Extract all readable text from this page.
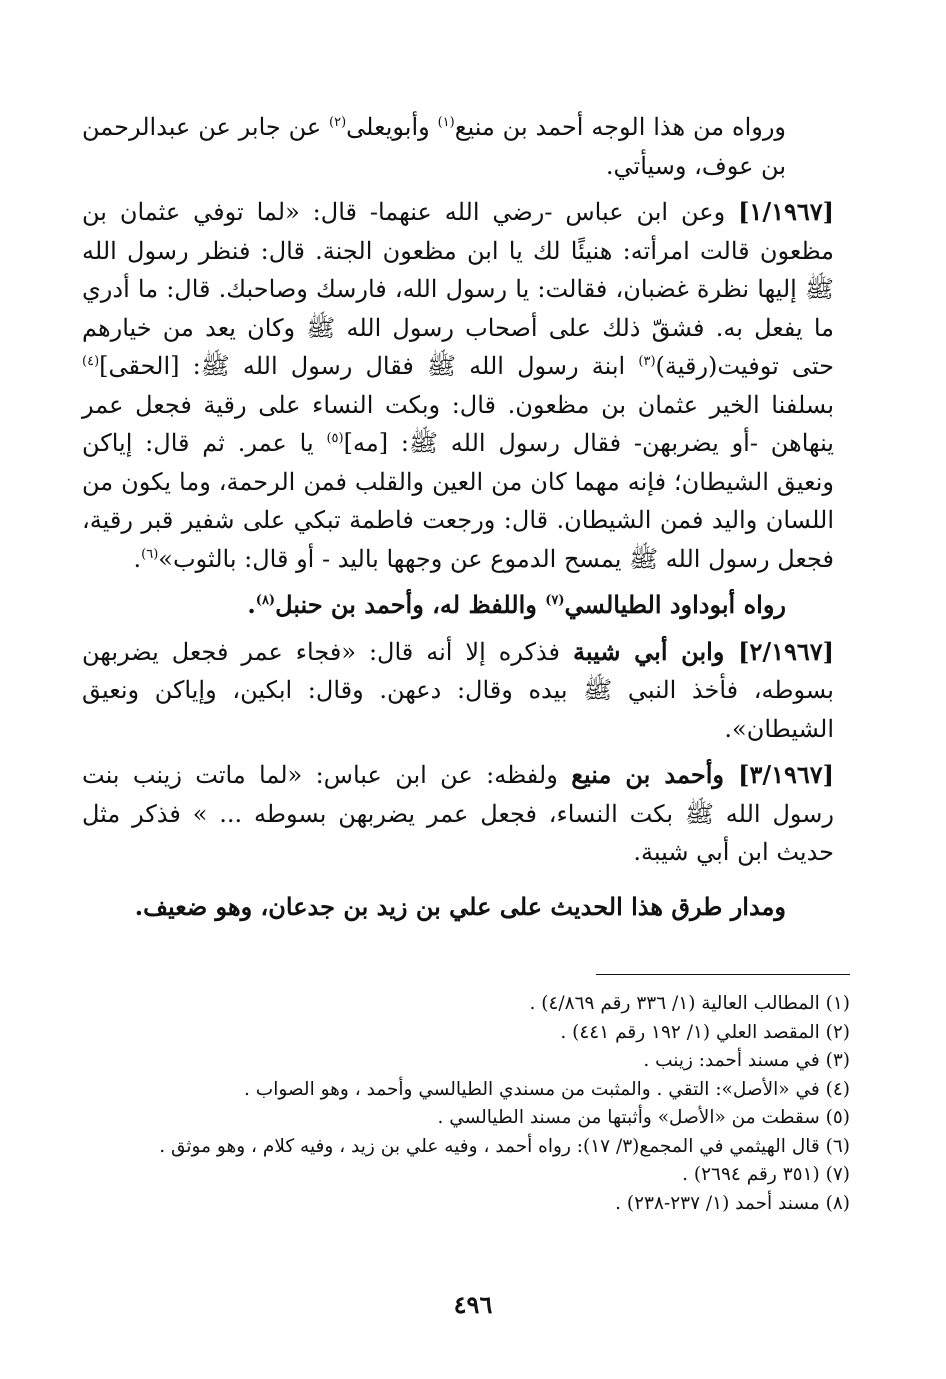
ورواه من هذا الوجه أحمد بن منيع$^{(١)}$ وأبويعلى$^{(٢)}$ عن جابر عن عبدالرحمن بن عوف، وسيأتي.

[١/١٩٦٧] وعن ابن عباس -رضي الله عنهما- قال: «لما توفي عثمان بن مظعون قالت امرأته: هنيئًا لك يا ابن مظعون الجنة. قال: فنظر رسول الله ﷺ إليها نظرة غضبان، فقالت: يا رسول الله، فارسك وصاحبك. قال: ما أدري ما يفعل به. فشقّ ذلك على أصحاب رسول الله ﷺ وكان يعد من خيارهم حتى توفيت(رقية)$^{(٣)}$ ابنة رسول الله ﷺ فقال رسول الله ﷺ: [الحقى]$^{(٤)}$ بسلفنا الخير عثمان بن مظعون. قال: وبكت النساء على رقية فجعل عمر ينهاهن -أو يضربهن- فقال رسول الله ﷺ: [مه]$^{(٥)}$ يا عمر. ثم قال: إياكن ونعيق الشيطان؛ فإنه مهما كان من العين والقلب فمن الرحمة، وما يكون من اللسان واليد فمن الشيطان. قال: ورجعت فاطمة تبكي على شفير قبر رقية، فجعل رسول الله ﷺ يمسح الدموع عن وجهها باليد - أو قال: بالثوب»$^{(٦)}$.

رواه أبوداود الطيالسي$^{(٧)}$ واللفظ له، وأحمد بن حنبل$^{(٨)}$.

[٢/١٩٦٧] وابن أبي شيبة فذكره إلا أنه قال: «فجاء عمر فجعل يضربهن بسوطه، فأخذ النبي ﷺ بيده وقال: دعهن. وقال: ابكين، وإياكن ونعيق الشيطان».

[٣/١٩٦٧] وأحمد بن منيع ولفظه: عن ابن عباس: «لما ماتت زينب بنت رسول الله ﷺ بكت النساء، فجعل عمر يضربهن بسوطه ... » فذكر مثل حديث ابن أبي شيبة.

ومدار طرق هذا الحديث على علي بن زيد بن جدعان، وهو ضعيف.

(١) المطالب العالية (١/ ٣٣٦ رقم ٤/٨٦٩) .
(٢) المقصد العلي (١/ ١٩٢ رقم ٤٤١) .
(٣) في مسند أحمد: زينب .
(٤) في «الأصل»: التقي . والمثبت من مسندي الطيالسي وأحمد ، وهو الصواب .
(٥) سقطت من «الأصل» وأثبتها من مسند الطيالسي .
(٦) قال الهيثمي في المجمع(٣/ ١٧): رواه أحمد ، وفيه علي بن زيد ، وفيه كلام ، وهو موثق .
(٧) (٣٥١ رقم ٢٦٩٤) .
(٨) مسند أحمد (١/ ٢٣٧-٢٣٨) .
٤٩٦
